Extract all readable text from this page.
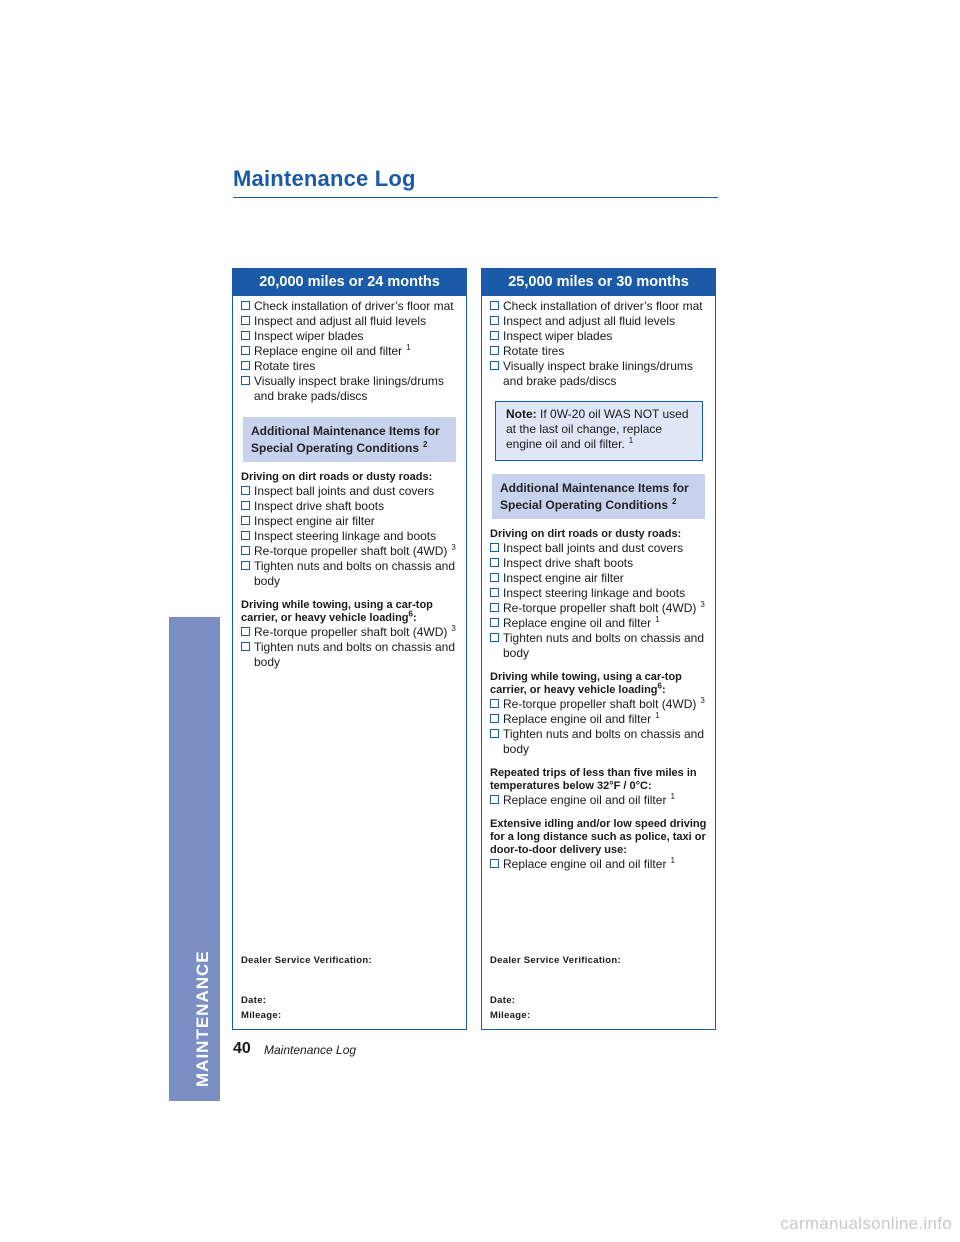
Maintenance Log
MAINTENANCE
20,000 miles or 24 months
Check installation of driver’s floor mat
Inspect and adjust all fluid levels
Inspect wiper blades
Replace engine oil and filter $^1$
Rotate tires
Visually inspect brake linings/drums and brake pads/discs
Additional Maintenance Items for
Special Operating Conditions $^2$
Driving on dirt roads or dusty roads:
Inspect ball joints and dust covers
Inspect drive shaft boots
Inspect engine air filter
Inspect steering linkage and boots
Re-torque propeller shaft bolt (4WD) $^3$
Tighten nuts and bolts on chassis and body
Driving while towing, using a car-top carrier, or heavy vehicle loading$^6$:
Re-torque propeller shaft bolt (4WD) $^3$
Tighten nuts and bolts on chassis and body
Dealer Service Verification:
Date:
Mileage:
25,000 miles or 30 months
Check installation of driver’s floor mat
Inspect and adjust all fluid levels
Inspect wiper blades
Rotate tires
Visually inspect brake linings/drums and brake pads/discs
Note: If 0W-20 oil WAS NOT used at the last oil change, replace engine oil and oil filter. $^1$
Additional Maintenance Items for
Special Operating Conditions $^2$
Driving on dirt roads or dusty roads:
Inspect ball joints and dust covers
Inspect drive shaft boots
Inspect engine air filter
Inspect steering linkage and boots
Re-torque propeller shaft bolt (4WD) $^3$
Replace engine oil and filter $^1$
Tighten nuts and bolts on chassis and body
Driving while towing, using a car-top carrier, or heavy vehicle loading$^6$:
Re-torque propeller shaft bolt (4WD) $^3$
Replace engine oil and filter $^1$
Tighten nuts and bolts on chassis and body
Repeated trips of less than five miles in temperatures below 32°F / 0°C:
Replace engine oil and oil filter $^1$
Extensive idling and/or low speed driving for a long distance such as police, taxi or door-to-door delivery use:
Replace engine oil and oil filter $^1$
Dealer Service Verification:
Date:
Mileage:
40 Maintenance Log
carmanualsonline.info
